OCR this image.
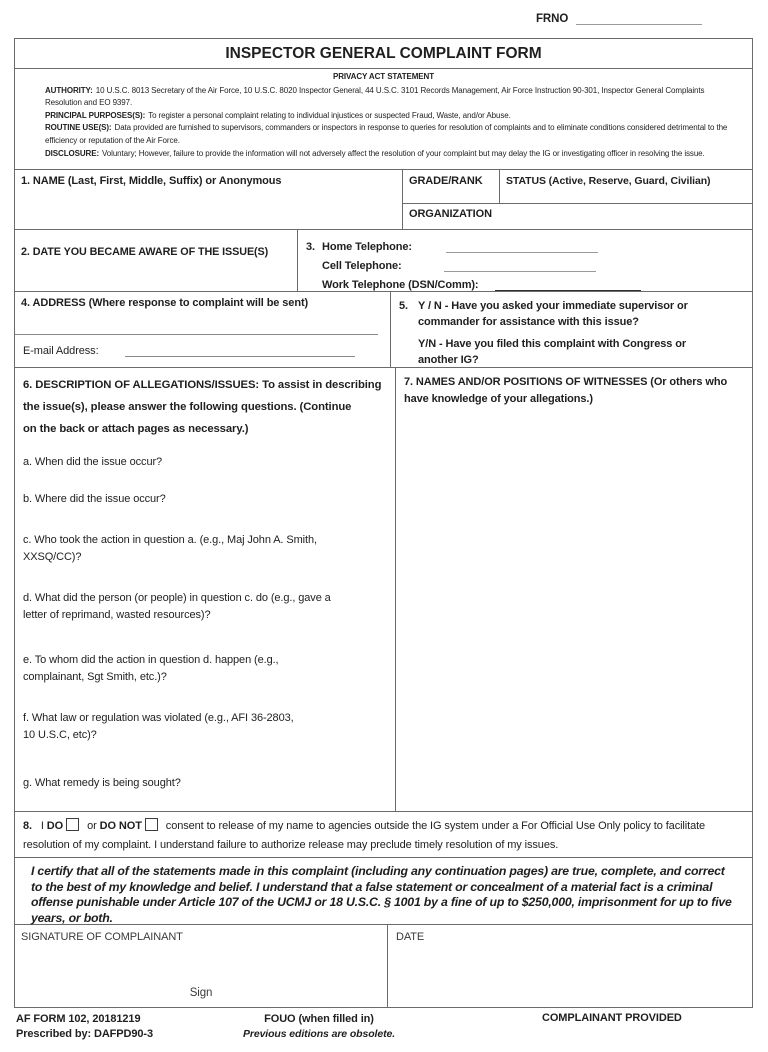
FRNO
INSPECTOR GENERAL COMPLAINT FORM
PRIVACY ACT STATEMENT
AUTHORITY: 10 U.S.C. 8013 Secretary of the Air Force, 10 U.S.C. 8020 Inspector General, 44 U.S.C. 3101 Records Management, Air Force Instruction 90-301, Inspector General Complaints Resolution and EO 9397.
PRINCIPAL PURPOSES(S): To register a personal complaint relating to individual injustices or suspected Fraud, Waste, and/or Abuse.
ROUTINE USE(S): Data provided are furnished to supervisors, commanders or inspectors in response to queries for resolution of complaints and to eliminate conditions considered detrimental to the efficiency or reputation of the Air Force.
DISCLOSURE: Voluntary; However, failure to provide the information will not adversely affect the resolution of your complaint but may delay the IG or investigating officer in resolving the issue.
1. NAME (Last, First, Middle, Suffix) or Anonymous	GRADE/RANK	STATUS (Active, Reserve, Guard, Civilian)
ORGANIZATION
2. DATE YOU BECAME AWARE OF THE ISSUE(S)	3. Home Telephone:
Cell Telephone:
Work Telephone (DSN/Comm):
4. ADDRESS (Where response to complaint will be sent)
E-mail Address:
5. Y / N - Have you asked your immediate supervisor or
commander for assistance with this issue?
Y/N - Have you filed this complaint with Congress or
another IG?
6. DESCRIPTION OF ALLEGATIONS/ISSUES: To assist in describing
the issue(s), please answer the following questions. (Continue
on the back or attach pages as necessary.)
a. When did the issue occur?
b. Where did the issue occur?
c. Who took the action in question a. (e.g., Maj John A. Smith,
XXSQ/CC)?
d. What did the person (or people) in question c. do (e.g., gave a
letter of reprimand, wasted resources)?
e. To whom did the action in question d. happen (e.g.,
complainant, Sgt Smith, etc.)?
f. What law or regulation was violated (e.g., AFI 36-2803,
10 U.S.C, etc)?
g. What remedy is being sought?
7. NAMES AND/OR POSITIONS OF WITNESSES (Or others who
have knowledge of your allegations.)
8. I DO or DO NOT consent to release of my name to agencies outside the IG system under a For Official Use Only policy to facilitate resolution of my complaint. I understand failure to authorize release may preclude timely resolution of my issues.
I certify that all of the statements made in this complaint (including any continuation pages) are true, complete, and correct to the best of my knowledge and belief. I understand that a false statement or concealment of a material fact is a criminal offense punishable under Article 107 of the UCMJ or 18 U.S.C. § 1001 by a fine of up to $250,000, imprisonment for up to five years, or both.
SIGNATURE OF COMPLAINANT
Sign
DATE
AF FORM 102, 20181219
Prescribed by: DAFPD90-3
FOUO (when filled in)
Previous editions are obsolete.
COMPLAINANT PROVIDED
